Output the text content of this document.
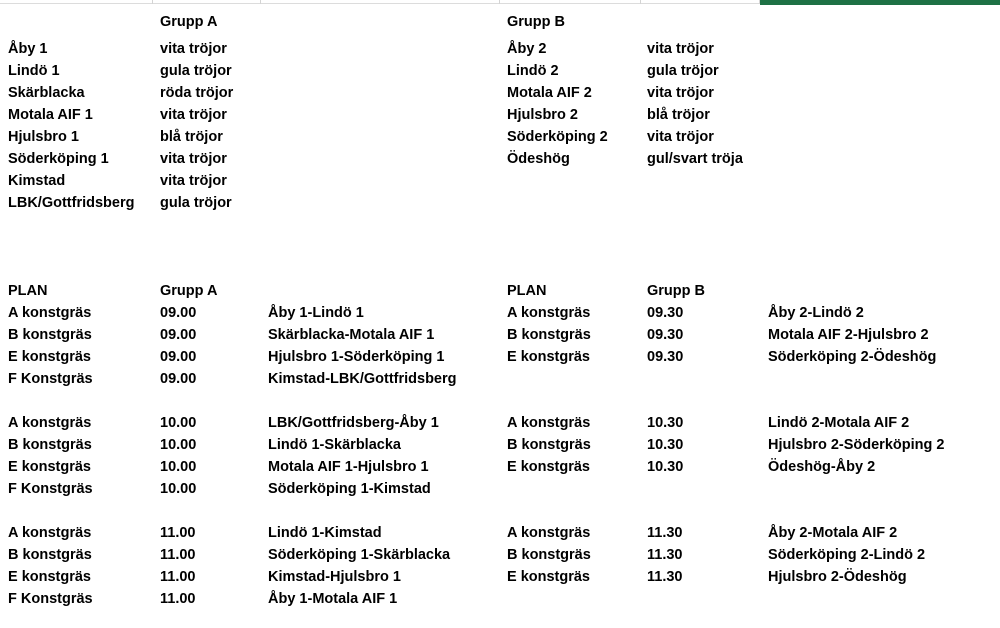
Grupp A	Grupp B
Åby 1	vita tröjor
Lindö 1	gula tröjor
Skärblacka	röda tröjor
Motala AIF 1	vita tröjor
Hjulsbro 1	blå tröjor
Söderköping 1	vita tröjor
Kimstad	vita tröjor
LBK/Gottfridsberg gula tröjor
Åby 2	vita tröjor
Lindö 2	gula tröjor
Motala AIF 2	vita tröjor
Hjulsbro 2	blå tröjor
Söderköping 2	vita tröjor
Ödeshög	gul/svart tröja
PLAN	Grupp A	PLAN	Grupp B
A konstgräs	09.00	Åby 1-Lindö 1
B konstgräs	09.00	Skärblacka-Motala AIF 1
E konstgräs	09.00	Hjulsbro 1-Söderköping 1
F Konstgräs	09.00	Kimstad-LBK/Gottfridsberg
A konstgräs	10.00	LBK/Gottfridsberg-Åby 1
B konstgräs	10.00	Lindö 1-Skärblacka
E konstgräs	10.00	Motala AIF 1-Hjulsbro 1
F Konstgräs	10.00	Söderköping 1-Kimstad
A konstgräs	11.00	Lindö 1-Kimstad
B konstgräs	11.00	Söderköping 1-Skärblacka
E konstgräs	11.00	Kimstad-Hjulsbro 1
F Konstgräs	11.00	Åby 1-Motala AIF 1
A konstgräs	09.30	Åby 2-Lindö 2
B konstgräs	09.30	Motala AIF 2-Hjulsbro 2
E konstgräs	09.30	Söderköping 2-Ödeshög
A konstgräs	10.30	Lindö 2-Motala AIF 2
B konstgräs	10.30	Hjulsbro 2-Söderköping 2
E konstgräs	10.30	Ödeshög-Åby 2
A konstgräs	11.30	Åby 2-Motala AIF 2
B konstgräs	11.30	Söderköping 2-Lindö 2
E konstgräs	11.30	Hjulsbro 2-Ödeshög
